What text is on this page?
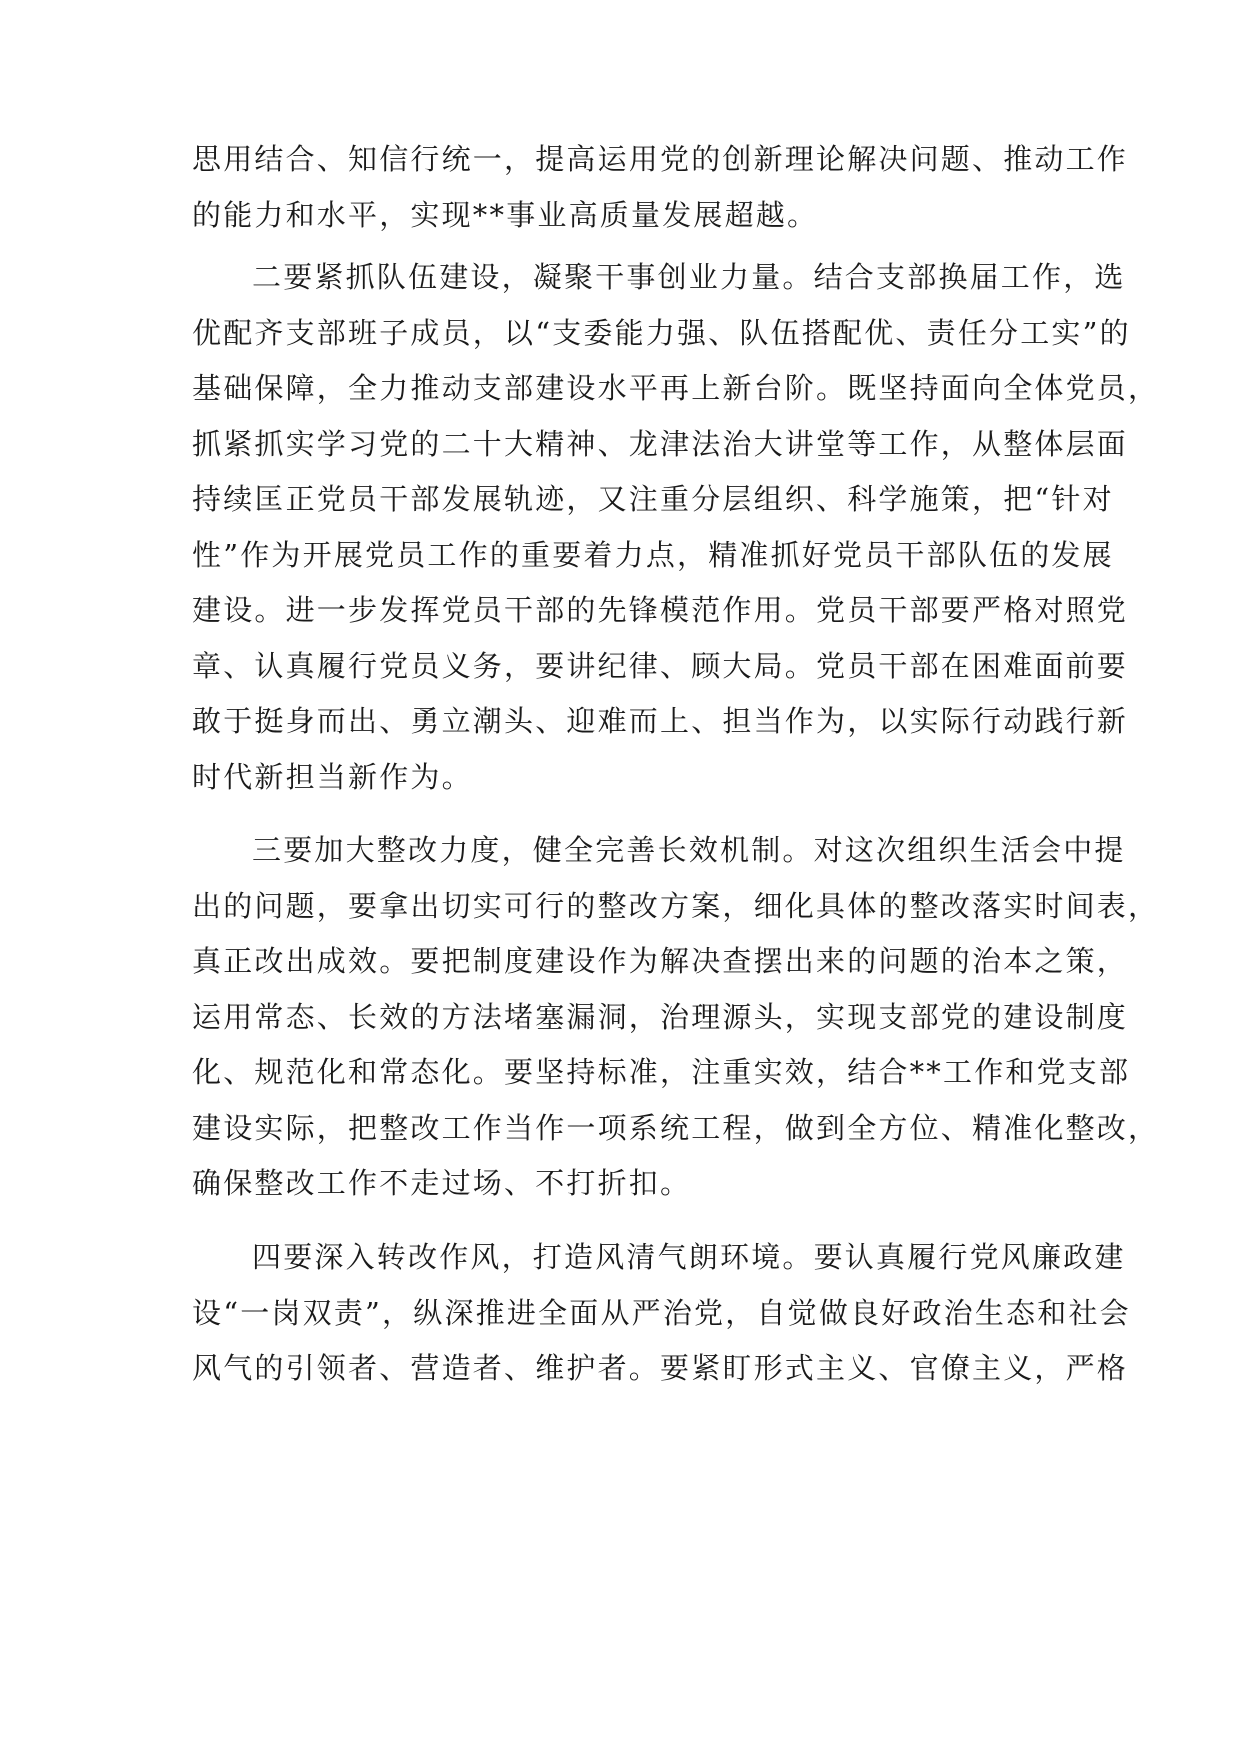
思用结合、知信行统一，提高运用党的创新理论解决问题、推动工作
的能力和水平，实现**事业高质量发展超越。
二要紧抓队伍建设，凝聚干事创业力量。结合支部换届工作，选
优配齐支部班子成员，以“支委能力强、队伍搭配优、责任分工实”的
基础保障，全力推动支部建设水平再上新台阶。既坚持面向全体党员，
抓紧抓实学习党的二十大精神、龙津法治大讲堂等工作，从整体层面
持续匡正党员干部发展轨迹，又注重分层组织、科学施策，把“针对
性”作为开展党员工作的重要着力点，精准抓好党员干部队伍的发展
建设。进一步发挥党员干部的先锋模范作用。党员干部要严格对照党
章、认真履行党员义务，要讲纪律、顾大局。党员干部在困难面前要
敢于挺身而出、勇立潮头、迎难而上、担当作为，以实际行动践行新
时代新担当新作为。
三要加大整改力度，健全完善长效机制。对这次组织生活会中提
出的问题，要拿出切实可行的整改方案，细化具体的整改落实时间表，
真正改出成效。要把制度建设作为解决查摆出来的问题的治本之策，
运用常态、长效的方法堵塞漏洞，治理源头，实现支部党的建设制度
化、规范化和常态化。要坚持标准，注重实效，结合**工作和党支部
建设实际，把整改工作当作一项系统工程，做到全方位、精准化整改，
确保整改工作不走过场、不打折扣。
四要深入转改作风，打造风清气朗环境。要认真履行党风廉政建
设“一岗双责”，纵深推进全面从严治党，自觉做良好政治生态和社会
风气的引领者、营造者、维护者。要紧盯形式主义、官僚主义，严格
